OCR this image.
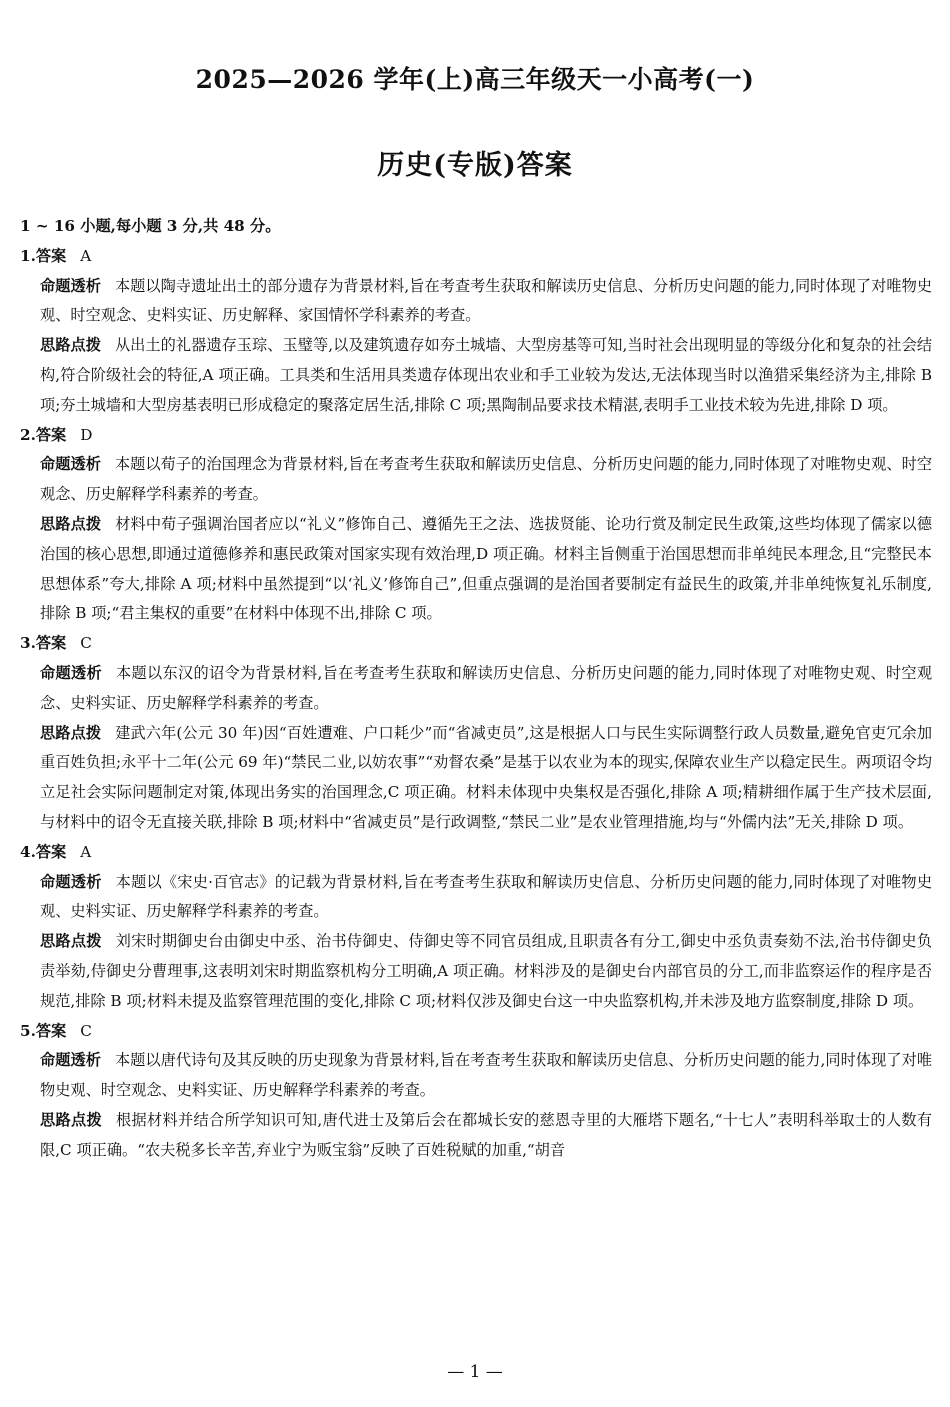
2025—2026 学年(上)高三年级天一小高考(一)
历史(专版)答案

1 ~ 16 小题,每小题 3 分,共 48 分。

1.答案 A

命题透析 本题以陶寺遗址出土的部分遗存为背景材料,旨在考查考生获取和解读历史信息、分析历史问题的能力,同时体现了对唯物史观、时空观念、史料实证、历史解释、家国情怀学科素养的考查。

思路点拨 从出土的礼器遗存玉琮、玉璧等,以及建筑遗存如夯土城墙、大型房基等可知,当时社会出现明显的等级分化和复杂的社会结构,符合阶级社会的特征,A 项正确。工具类和生活用具类遗存体现出农业和手工业较为发达,无法体现当时以渔猎采集经济为主,排除 B 项;夯土城墙和大型房基表明已形成稳定的聚落定居生活,排除 C 项;黑陶制品要求技术精湛,表明手工业技术较为先进,排除 D 项。

2.答案 D

命题透析 本题以荀子的治国理念为背景材料,旨在考查考生获取和解读历史信息、分析历史问题的能力,同时体现了对唯物史观、时空观念、历史解释学科素养的考查。

思路点拨 材料中荀子强调治国者应以“礼义”修饰自己、遵循先王之法、选拔贤能、论功行赏及制定民生政策,这些均体现了儒家以德治国的核心思想,即通过道德修养和惠民政策对国家实现有效治理,D 项正确。材料主旨侧重于治国思想而非单纯民本理念,且“完整民本思想体系”夸大,排除 A 项;材料中虽然提到“以‘礼义’修饰自己”,但重点强调的是治国者要制定有益民生的政策,并非单纯恢复礼乐制度,排除 B 项;“君主集权的重要”在材料中体现不出,排除 C 项。

3.答案 C

命题透析 本题以东汉的诏令为背景材料,旨在考查考生获取和解读历史信息、分析历史问题的能力,同时体现了对唯物史观、时空观念、史料实证、历史解释学科素养的考查。

思路点拨 建武六年(公元 30 年)因“百姓遭难、户口耗少”而“省减吏员”,这是根据人口与民生实际调整行政人员数量,避免官吏冗余加重百姓负担;永平十二年(公元 69 年)“禁民二业,以妨农事”“劝督农桑”是基于以农业为本的现实,保障农业生产以稳定民生。两项诏令均立足社会实际问题制定对策,体现出务实的治国理念,C 项正确。材料未体现中央集权是否强化,排除 A 项;精耕细作属于生产技术层面,与材料中的诏令无直接关联,排除 B 项;材料中“省减吏员”是行政调整,“禁民二业”是农业管理措施,均与“外儒内法”无关,排除 D 项。

4.答案 A

命题透析 本题以《宋史·百官志》的记载为背景材料,旨在考查考生获取和解读历史信息、分析历史问题的能力,同时体现了对唯物史观、史料实证、历史解释学科素养的考查。

思路点拨 刘宋时期御史台由御史中丞、治书侍御史、侍御史等不同官员组成,且职责各有分工,御史中丞负责奏劾不法,治书侍御史负责举劾,侍御史分曹理事,这表明刘宋时期监察机构分工明确,A 项正确。材料涉及的是御史台内部官员的分工,而非监察运作的程序是否规范,排除 B 项;材料未提及监察管理范围的变化,排除 C 项;材料仅涉及御史台这一中央监察机构,并未涉及地方监察制度,排除 D 项。

5.答案 C

命题透析 本题以唐代诗句及其反映的历史现象为背景材料,旨在考查考生获取和解读历史信息、分析历史问题的能力,同时体现了对唯物史观、时空观念、史料实证、历史解释学科素养的考查。

思路点拨 根据材料并结合所学知识可知,唐代进士及第后会在都城长安的慈恩寺里的大雁塔下题名,“十七人”表明科举取士的人数有限,C 项正确。“农夫税多长辛苦,弃业宁为贩宝翁”反映了百姓税赋的加重,“胡音

— 1 —
